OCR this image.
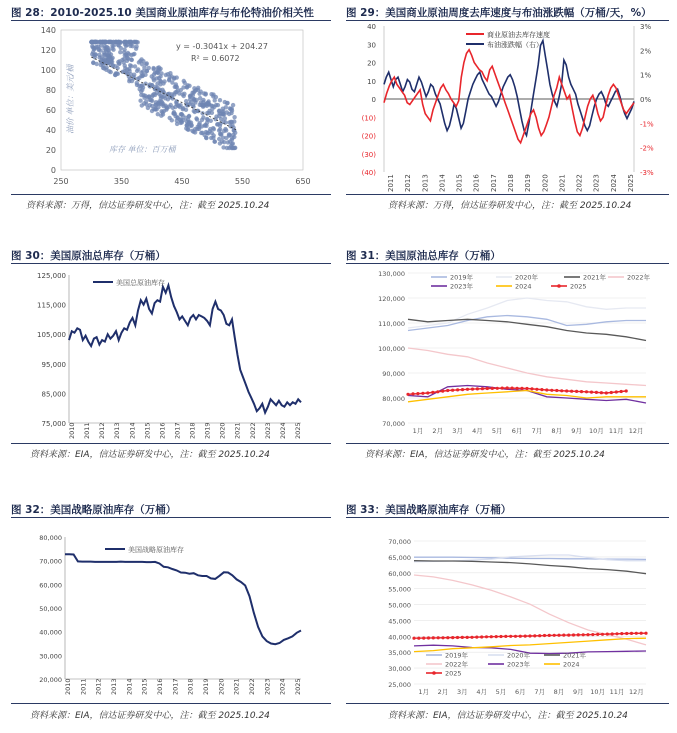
图 28：2010-2025.10 美国商业原油库存与布伦特油价相关性	图 29：美国商业原油周度去库速度与布油涨跌幅（万桶/天，%）
0
20
40
60
80
100
120
140
250	350	450	550	650
y = -0.3041x + 204.27
R² = 0.6072
库存 单位：百万桶
油价 单位：美元/桶
40
30
20
10
0
(10)
(20)
(30)
(40)
3%
2%
1%
0%
-1%
-2%
-3%
2011 2012 2013 2014 2015 2016 2017 2018 2019 2020 2021 2022 2023 2024 2025
商业原油去库存速度
布油涨跌幅（右）
资料来源：万得，信达证券研发中心，注：截至 2025.10.24	资料来源：万得，信达证券研发中心，注：截至 2025.10.24
图 30：美国原油总库存（万桶）	图 31：美国原油总库存（万桶）
75,000
85,000
95,000
105,000
115,000
125,000
2010 2011 2012 2013 2014 2015 2016 2017 2018 2019 2020 2021 2022 2023 2024 2025
美国总原油库存
70,000
80,000
90,000
100,000
110,000
120,000
130,000
1月 2月 3月 4月 5月 6月 7月 8月 9月 10月 11月 12月
2019年	2020年	2021年	2022年
2023年	2024	2025
资料来源：EIA，信达证券研发中心，注：截至 2025.10.24	资料来源：EIA，信达证券研发中心，注：截至 2025.10.24
图 32：美国战略原油库存（万桶）	图 33：美国战略原油库存（万桶）
20,000
30,000
40,000
50,000
60,000
70,000
80,000
2010 2011 2012 2013 2014 2015 2016 2017 2018 2019 2020 2021 2022 2023 2024 2025
美国战略原油库存
25,000
30,000
35,000
40,000
45,000
50,000
55,000
60,000
65,000
70,000
1月 2月 3月 4月 5月 6月 7月 8月 9月 10月 11月 12月
2019年	2020年	2021年
2022年	2023年	2024
2025
资料来源：EIA，信达证券研发中心，注：截至 2025.10.24	资料来源：EIA，信达证券研发中心，注：截至 2025.10.24
